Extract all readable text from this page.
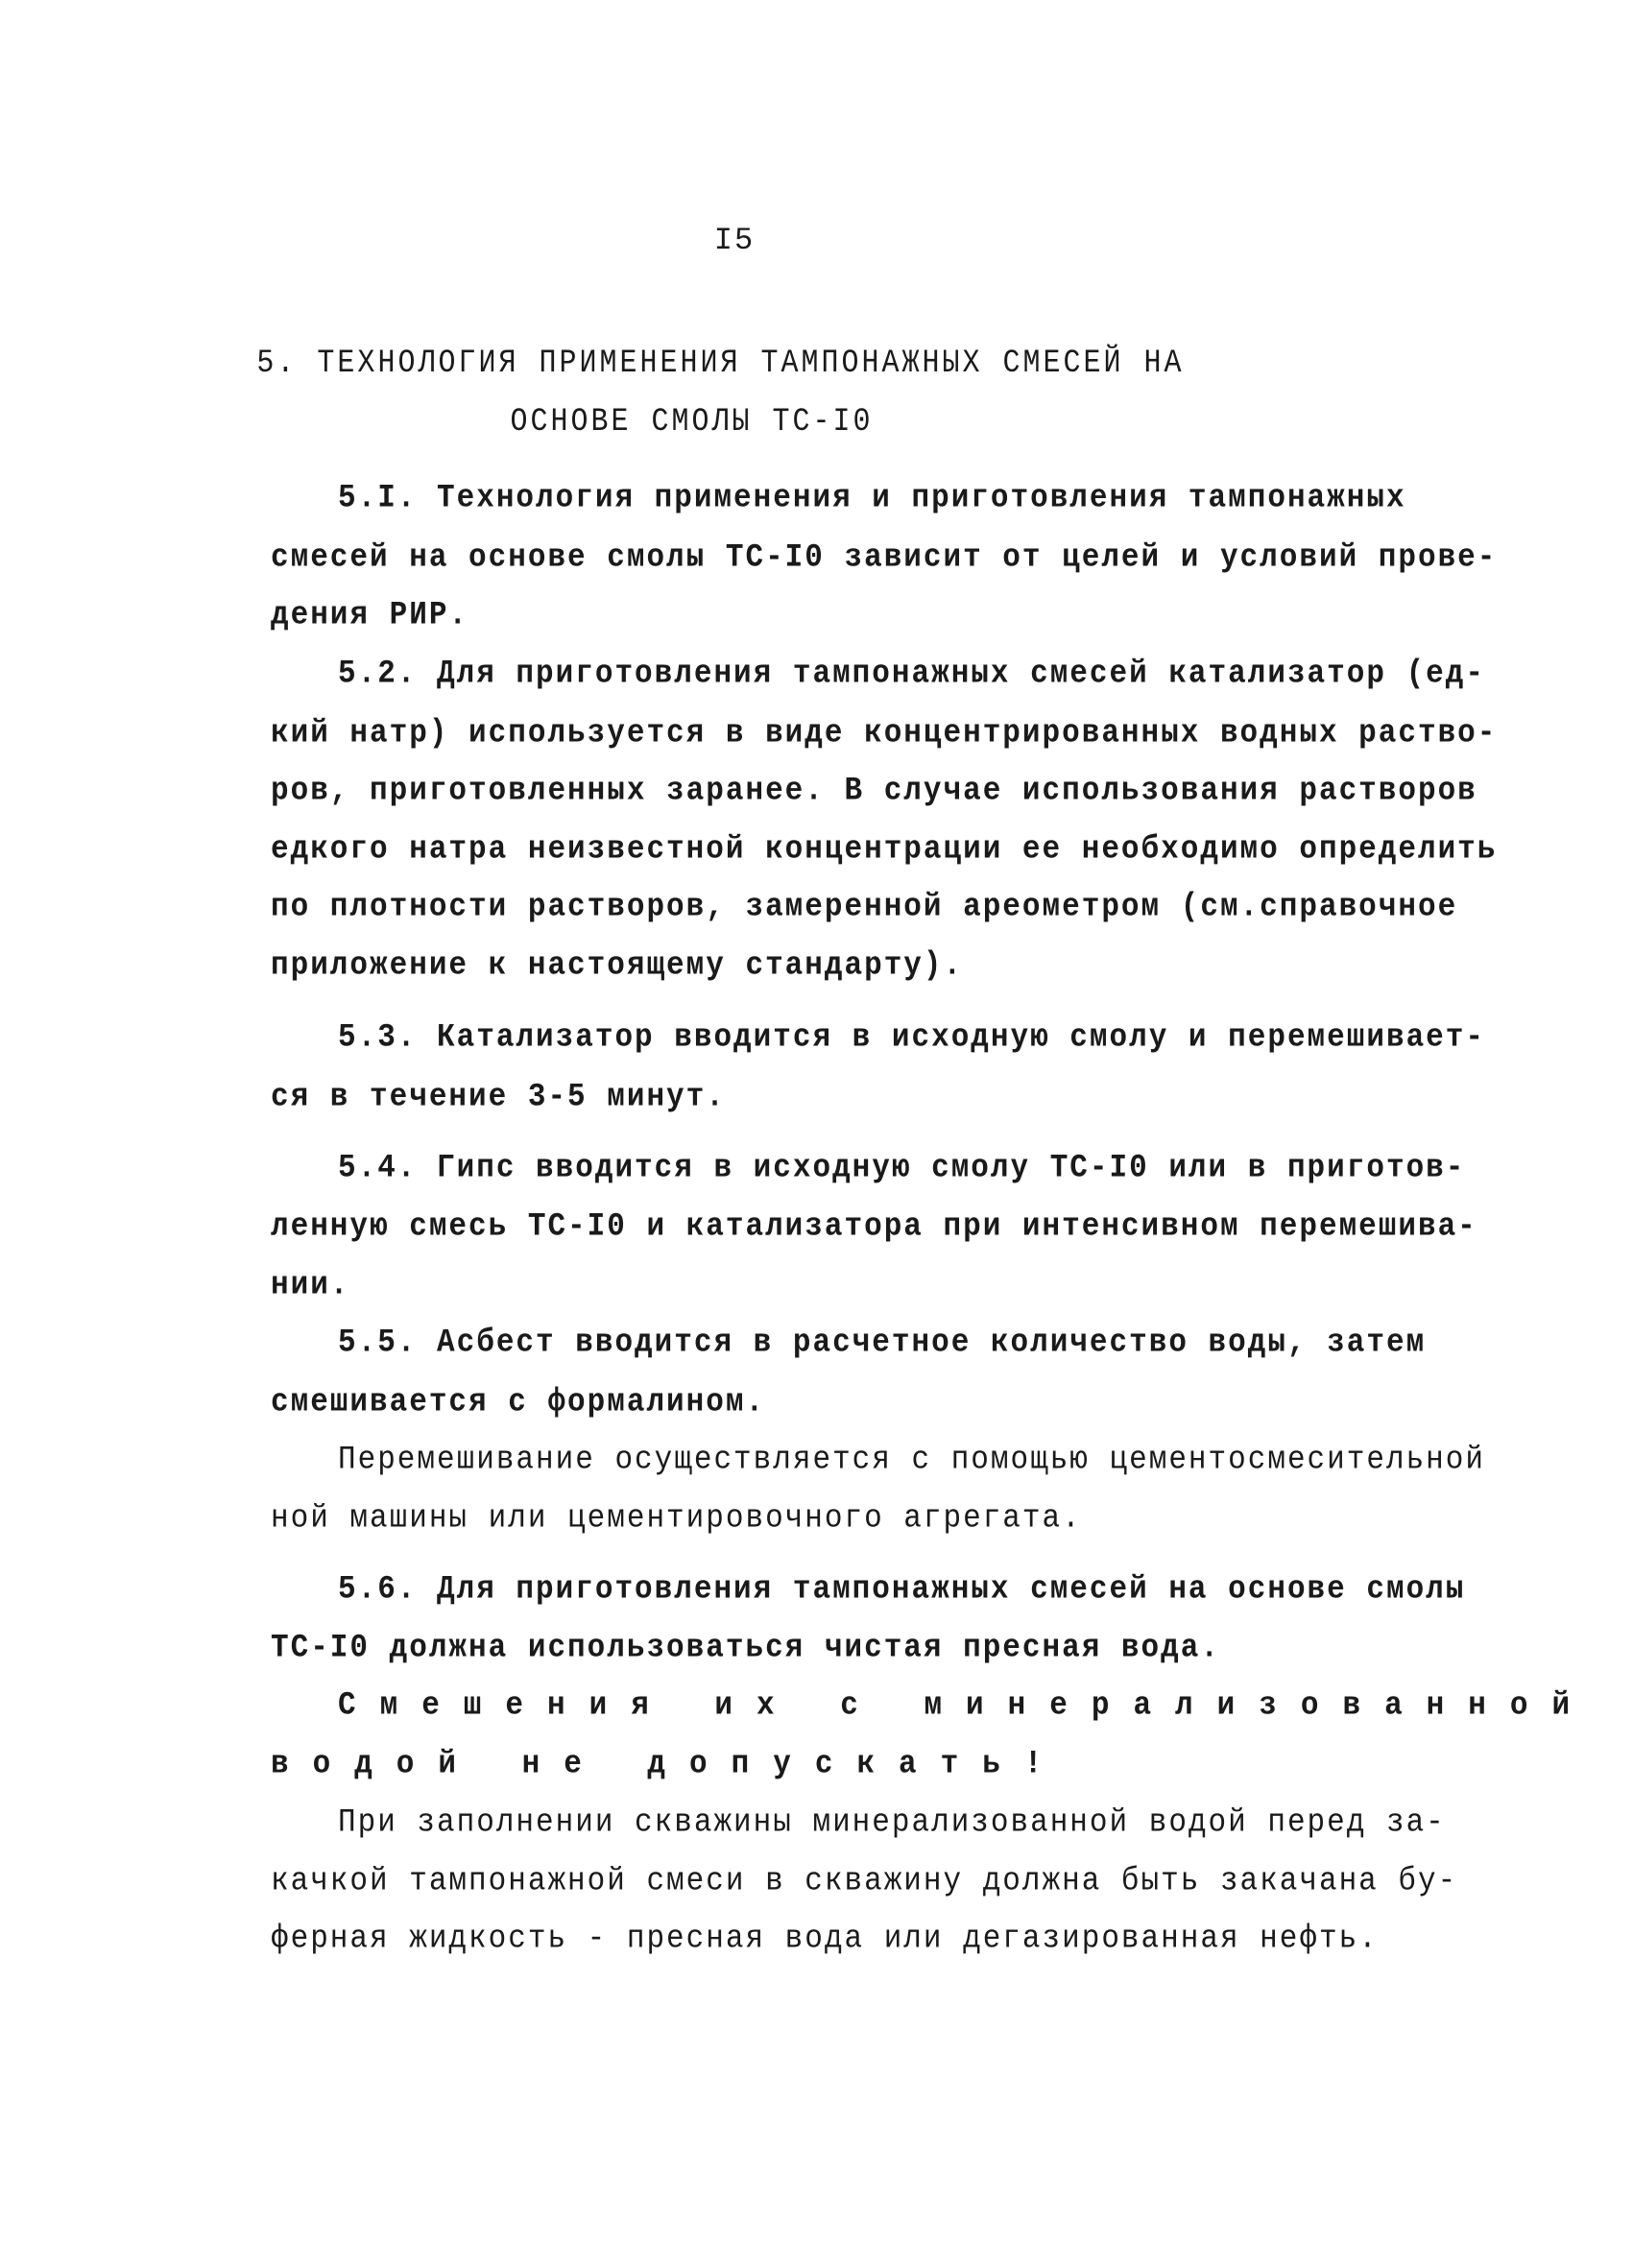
I5
5. ТЕХНОЛОГИЯ ПРИМЕНЕНИЯ ТАМПОНАЖНЫХ СМЕСЕЙ НА
ОСНОВЕ СМОЛЫ ТС-I0
5.I. Технология применения и приготовления тампонажных
смесей на основе смолы ТС-I0 зависит от целей и условий прове-
дения РИР.
5.2. Для приготовления тампонажных смесей катализатор (ед-
кий натр) используется в виде концентрированных водных раство-
ров, приготовленных заранее. В случае использования растворов
едкого натра неизвестной концентрации ее необходимо определить
по плотности растворов, замеренной ареометром (см.справочное
приложение к настоящему стандарту).
5.3. Катализатор вводится в исходную смолу и перемешивает-
ся в течение 3-5 минут.
5.4. Гипс вводится в исходную смолу ТС-I0 или в приготов-
ленную смесь ТС-I0 и катализатора при интенсивном перемешива-
нии.
5.5. Асбест вводится в расчетное количество воды, затем
смешивается с формалином.
Перемешивание осуществляется с помощью цементосмесительной
ной машины или цементировочного агрегата.
5.6. Для приготовления тампонажных смесей на основе смолы
ТС-I0 должна использоваться чистая пресная вода.
Смешения их с минерализованной
водой не допускать!
При заполнении скважины минерализованной водой перед за-
качкой тампонажной смеси в скважину должна быть закачана бу-
ферная жидкость - пресная вода или дегазированная нефть.
